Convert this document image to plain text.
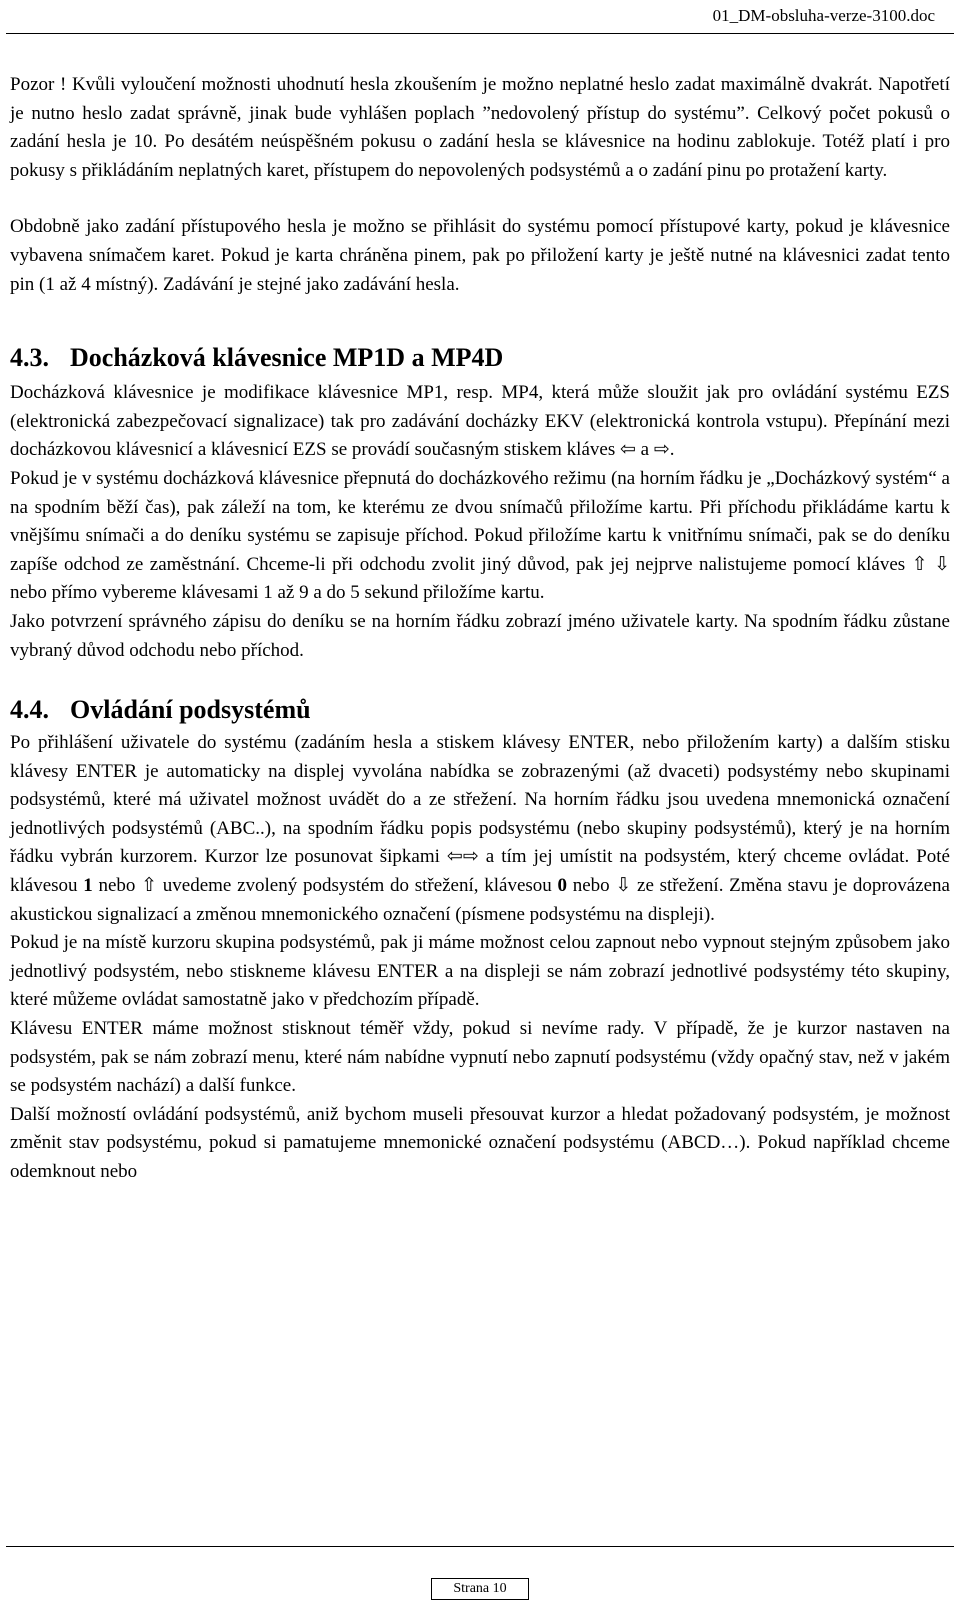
01_DM-obsluha-verze-3100.doc

Pozor ! Kvůli vyloučení možnosti uhodnutí hesla zkoušením je možno neplatné heslo zadat maximálně dvakrát. Napotřetí je nutno heslo zadat správně, jinak bude vyhlášen poplach ”nedovolený přístup do systému”. Celkový počet pokusů o zadání hesla je 10. Po desátém neúspěšném pokusu o zadání hesla se klávesnice na hodinu zablokuje. Totéž platí i pro pokusy s přikládáním neplatných karet, přístupem do nepovolených podsystémů a o zadání pinu po protažení karty.

Obdobně jako zadání přístupového hesla je možno se přihlásit do systému pomocí přístupové karty, pokud je klávesnice vybavena snímačem karet. Pokud je karta chráněna pinem, pak po přiložení karty je ještě nutné na klávesnici zadat tento pin (1 až 4 místný). Zadávání je stejné jako zadávání hesla.

4.3. Docházková klávesnice MP1D a MP4D

Docházková klávesnice je modifikace klávesnice MP1, resp. MP4, která může sloužit jak pro ovládání systému EZS (elektronická zabezpečovací signalizace) tak pro zadávání docházky EKV (elektronická kontrola vstupu). Přepínání mezi docházkovou klávesnicí a klávesnicí EZS se provádí současným stiskem kláves ⇦ a ⇨.

Pokud je v systému docházková klávesnice přepnutá do docházkového režimu (na horním řádku je „Docházkový systém“ a na spodním běží čas), pak záleží na tom, ke kterému ze dvou snímačů přiložíme kartu. Při příchodu přikládáme kartu k vnějšímu snímači a do deníku systému se zapisuje příchod. Pokud přiložíme kartu k vnitřnímu snímači, pak se do deníku zapíše odchod ze zaměstnání. Chceme-li při odchodu zvolit jiný důvod, pak jej nejprve nalistujeme pomocí kláves ⇧ ⇩ nebo přímo vybereme klávesami 1 až 9 a do 5 sekund přiložíme kartu.

Jako potvrzení správného zápisu do deníku se na horním řádku zobrazí jméno uživatele karty. Na spodním řádku zůstane vybraný důvod odchodu nebo příchod.

4.4. Ovládání podsystémů

Po přihlášení uživatele do systému (zadáním hesla a stiskem klávesy ENTER, nebo přiložením karty) a dalším stisku klávesy ENTER je automaticky na displej vyvolána nabídka se zobrazenými (až dvaceti) podsystémy nebo skupinami podsystémů, které má uživatel možnost uvádět do a ze střežení. Na horním řádku jsou uvedena mnemonická označení jednotlivých podsystémů (ABC..), na spodním řádku popis podsystému (nebo skupiny podsystémů), který je na horním řádku vybrán kurzorem. Kurzor lze posunovat šipkami ⇦⇨ a tím jej umístit na podsystém, který chceme ovládat. Poté klávesou 1 nebo ⇧ uvedeme zvolený podsystém do střežení, klávesou 0 nebo ⇩ ze střežení. Změna stavu je doprovázena akustickou signalizací a změnou mnemonického označení (písmene podsystému na displeji).

Pokud je na místě kurzoru skupina podsystémů, pak ji máme možnost celou zapnout nebo vypnout stejným způsobem jako jednotlivý podsystém, nebo stiskneme klávesu ENTER a na displeji se nám zobrazí jednotlivé podsystémy této skupiny, které můžeme ovládat samostatně jako v předchozím případě.

Klávesu ENTER máme možnost stisknout téměř vždy, pokud si nevíme rady. V případě, že je kurzor nastaven na podsystém, pak se nám zobrazí menu, které nám nabídne vypnutí nebo zapnutí podsystému (vždy opačný stav, než v jakém se podsystém nachází) a další funkce.

Další možností ovládání podsystémů, aniž bychom museli přesouvat kurzor a hledat požadovaný podsystém, je možnost změnit stav podsystému, pokud si pamatujeme mnemonické označení podsystému (ABCD…). Pokud například chceme odemknout nebo

Strana 10
